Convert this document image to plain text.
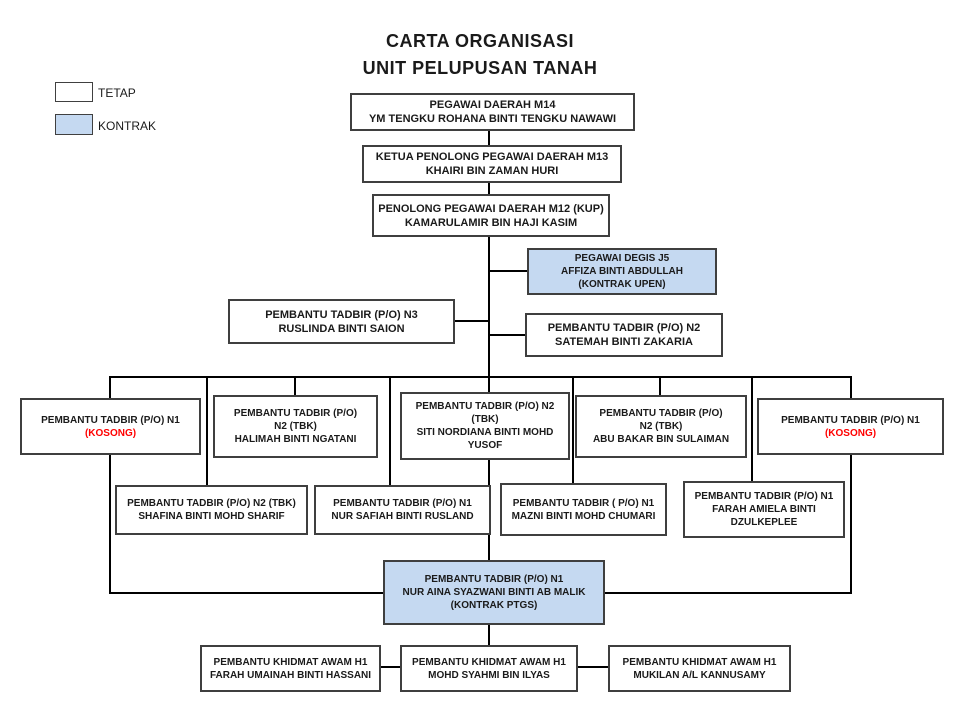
CARTA ORGANISASI
UNIT PELUPUSAN TANAH
TETAP
KONTRAK
PEGAWAI DAERAH M14
YM TENGKU ROHANA BINTI TENGKU NAWAWI
KETUA PENOLONG PEGAWAI DAERAH M13
KHAIRI BIN ZAMAN HURI
PENOLONG PEGAWAI DAERAH M12 (KUP)
KAMARULAMIR BIN HAJI KASIM
PEGAWAI DEGIS J5
AFFIZA BINTI ABDULLAH
(KONTRAK UPEN)
PEMBANTU TADBIR (P/O) N3
RUSLINDA BINTI SAION	PEMBANTU TADBIR (P/O) N2
SATEMAH BINTI ZAKARIA
PEMBANTU TADBIR (P/O) N1
(KOSONG)
PEMBANTU TADBIR (P/O)
N2 (TBK)
HALIMAH BINTI NGATANI
PEMBANTU TADBIR (P/O) N2
(TBK)
SITI NORDIANA BINTI MOHD YUSOF
PEMBANTU TADBIR (P/O)
N2 (TBK)
ABU BAKAR BIN SULAIMAN
PEMBANTU TADBIR (P/O) N1
(KOSONG)
PEMBANTU TADBIR (P/O) N2 (TBK)
SHAFINA BINTI MOHD SHARIF
PEMBANTU TADBIR (P/O) N1
NUR SAFIAH BINTI RUSLAND
PEMBANTU TADBIR ( P/O) N1
MAZNI BINTI MOHD CHUMARI
PEMBANTU TADBIR (P/O) N1
FARAH AMIELA BINTI DZULKEPLEE
PEMBANTU TADBIR (P/O) N1
NUR AINA SYAZWANI BINTI AB MALIK
(KONTRAK PTGS)
PEMBANTU KHIDMAT AWAM H1
FARAH UMAINAH BINTI HASSANI
PEMBANTU KHIDMAT AWAM H1
MOHD SYAHMI BIN ILYAS
PEMBANTU KHIDMAT AWAM H1
MUKILAN A/L KANNUSAMY
